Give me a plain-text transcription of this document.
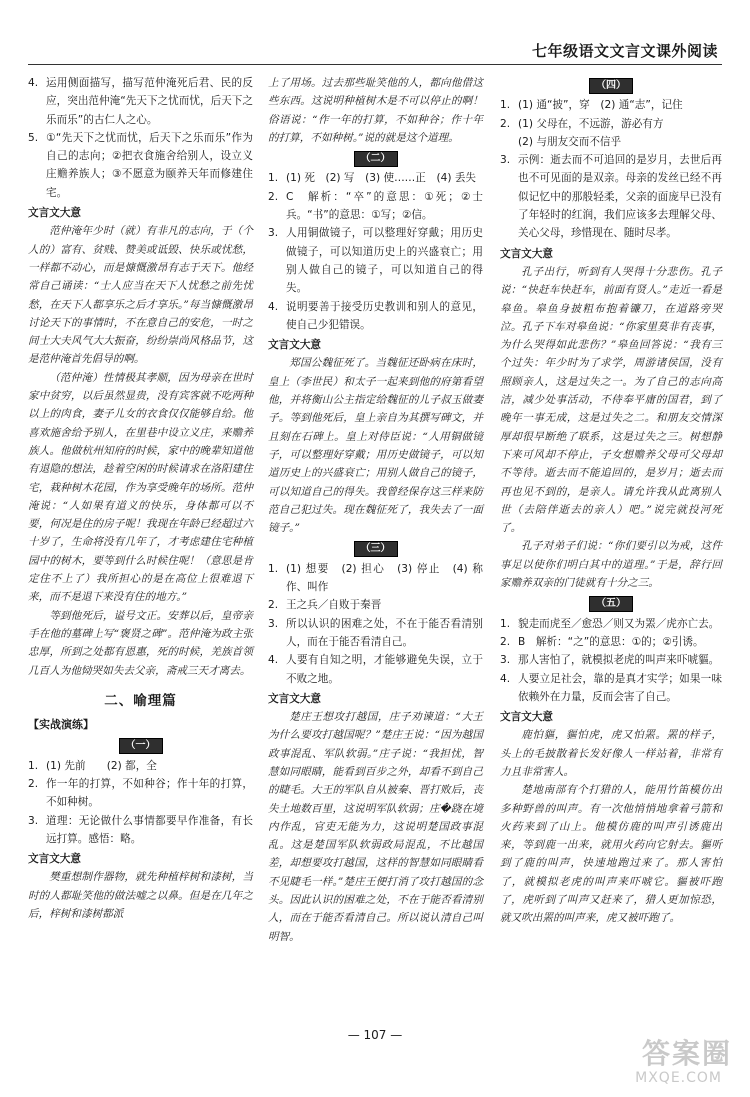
七年级语文文言文课外阅读
4. 运用侧面描写，描写范仲淹死后君、民的反应，突出范仲淹“先天下之忧而忧，后天下之乐而乐”的古仁人之心。
5. ①“先天下之忧而忧，后天下之乐而乐”作为自己的志向；②把衣食施舍给别人，设立义庄赡养族人；③不愿意为颐养天年而修建住宅。
文言文大意
范仲淹年少时（就）有非凡的志向，于（个人的）富有、贫贱、赞美或诋毁、快乐或忧愁，一样都不动心，而是慷慨激昂有志于天下。他经常自己诵读：“士人应当在天下人忧愁之前先忧愁，在天下人都享乐之后才享乐。”每当慷慨激昂讨论天下的事情时，不在意自己的安危，一时之间士大夫风气大大振奋，纷纷崇尚风格品节，这是范仲淹首先倡导的啊。
（范仲淹）性情极其孝顺，因为母亲在世时家中贫穷，以后虽然显贵，没有宾客就不吃两种以上的肉食，妻子儿女的衣食仅仅能够自给。他喜欢施舍给予别人，在里巷中设立义庄，来赡养族人。他做杭州知府的时候，家中的晚辈知道他有退隐的想法，趁着空闲的时候请求在洛阳建住宅，栽种树木花园，作为享受晚年的场所。范仲淹说：“人如果有道义的快乐，身体都可以不要，何况是住的房子呢！我现在年龄已经超过六十岁了，生命将没有几年了，才考虑建住宅种植园中的树木，要等到什么时候住呢！（意思是肯定住不上了）我所担心的是在高位上很难退下来，而不是退下来没有住的地方。”
等到他死后，谥号文正。安葬以后，皇帝亲手在他的墓碑上写“褒贤之碑”。范仲淹为政主张忠厚，所到之处都有恩惠，死的时候，羌族首领几百人为他恸哭如失去父亲，斋戒三天才离去。
二、喻理篇
【实战演练】
（一）
1. (1) 先前　　(2) 都，全
2. 作一年的打算，不如种谷；作十年的打算，不如种树。
3. 道理：无论做什么事情都要早作准备，有长远打算。感悟：略。
文言文大意
樊重想制作器物，就先种植梓树和漆树，当时的人都耻笑他的做法嘘之以鼻。但是在几年之后，梓树和漆树都派
上了用场。过去那些耻笑他的人，都向他借这些东西。这说明种植树木是不可以停止的啊！俗语说：“作一年的打算，不如种谷；作十年的打算，不如种树。”说的就是这个道理。
（二）
1. (1) 死　(2) 写　(3) 使……正　(4) 丢失
2. C　解析：“卒”的意思：①死；②士兵。“书”的意思：①写；②信。
3. 人用铜做镜子，可以整理好穿戴；用历史做镜子，可以知道历史上的兴盛衰亡；用别人做自己的镜子，可以知道自己的得失。
4. 说明要善于接受历史教训和别人的意见，使自己少犯错误。
文言文大意
郑国公魏征死了。当魏征还卧病在床时，皇上（李世民）和太子一起来到他的府第看望他，并将衡山公主指定给魏征的儿子叔玉做妻子。等到他死后，皇上亲自为其撰写碑文，并且刻在石碑上。皇上对侍臣说：“人用铜做镜子，可以整理好穿戴；用历史做镜子，可以知道历史上的兴盛衰亡；用别人做自己的镜子，可以知道自己的得失。我曾经保存这三样来防范自己犯过失。现在魏征死了，我失去了一面镜子。”
（三）
1. (1) 想要　(2) 担心　(3) 停止　(4) 称作、叫作
2. 王之兵／自败于秦晋
3. 所以认识的困难之处，不在于能否看清别人，而在于能否看清自己。
4. 人要有自知之明，才能够避免失误，立于不败之地。
文言文大意
楚庄王想攻打越国，庄子劝谏道：“大王为什么要攻打越国呢？”楚庄王说：“因为越国政事混乱、军队软弱。”庄子说：“我担忧，智慧如同眼睛，能看到百步之外，却看不到自己的睫毛。大王的军队自从被秦、晋打败后，丧失土地数百里，这说明军队软弱；庄�跷在境内作乱，官吏无能为力，这说明楚国政事混乱。这是楚国军队软弱政局混乱，不比越国差，却想要攻打越国，这样的智慧如同眼睛看不见睫毛一样。”楚庄王便打消了攻打越国的念头。因此认识的困难之处，不在于能否看清别人，而在于能否看清自己。所以说认清自己叫明智。
（四）
1. (1) 通“披”，穿　(2) 通“志”，记住
2. (1) 父母在，不远游，游必有方
(2) 与朋友交而不信乎
3. 示例：逝去而不可追回的是岁月，去世后再也不可见面的是双亲。母亲的发丝已经不再似记忆中的那般轻柔，父亲的面庞早已没有了年轻时的红润，我们应该多去理解父母、关心父母，珍惜现在、随时尽孝。
文言文大意
孔子出行，听到有人哭得十分悲伤。孔子说：“快赶车快赶车，前面有贤人。”走近一看是皋鱼。皋鱼身披粗布抱着镰刀，在道路旁哭泣。孔子下车对皋鱼说：“你家里莫非有丧事，为什么哭得如此悲伤？”皋鱼回答说：“我有三个过失：年少时为了求学，周游诸侯国，没有照顾亲人，这是过失之一。为了自己的志向高洁，减少处事活动，不侍奉平庸的国君，到了晚年一事无成，这是过失之二。和朋友交情深厚却很早断绝了联系，这是过失之三。树想静下来可风却不停止，子女想赡养父母可父母却不等待。逝去而不能追回的，是岁月；逝去而再也见不到的，是亲人。请允许我从此离别人世（去陪伴逝去的亲人）吧。”说完就投河死了。
孔子对弟子们说：“你们要引以为戒，这件事足以使你们明白其中的道理。”于是，辞行回家赡养双亲的门徒就有十分之三。
（五）
1. 貌走而虎至／愈恐／则又为罴／虎亦亡去。
2. B　解析：“之”的意思：①的；②引诱。
3. 那人害怕了，就模拟老虎的叫声来吓唬貙。
4. 人要立足社会，靠的是真才实学；如果一味依赖外在力量，反而会害了自己。
文言文大意
鹿怕貙，貙怕虎，虎又怕罴。罴的样子，头上的毛披散着长发好像人一样站着，非常有力且非常害人。
楚地南部有个打猎的人，能用竹笛模仿出多种野兽的叫声。有一次他悄悄地拿着弓箭和火药来到了山上。他模仿鹿的叫声引诱鹿出来，等到鹿一出来，就用火药向它射去。貙听到了鹿的叫声，快速地跑过来了。那人害怕了，就模拟老虎的叫声来吓唬它。貙被吓跑了，虎听到了叫声又赶来了，猎人更加惊恐，就又吹出罴的叫声来，虎又被吓跑了。
— 107 —
答案圈
MXQE.COM
